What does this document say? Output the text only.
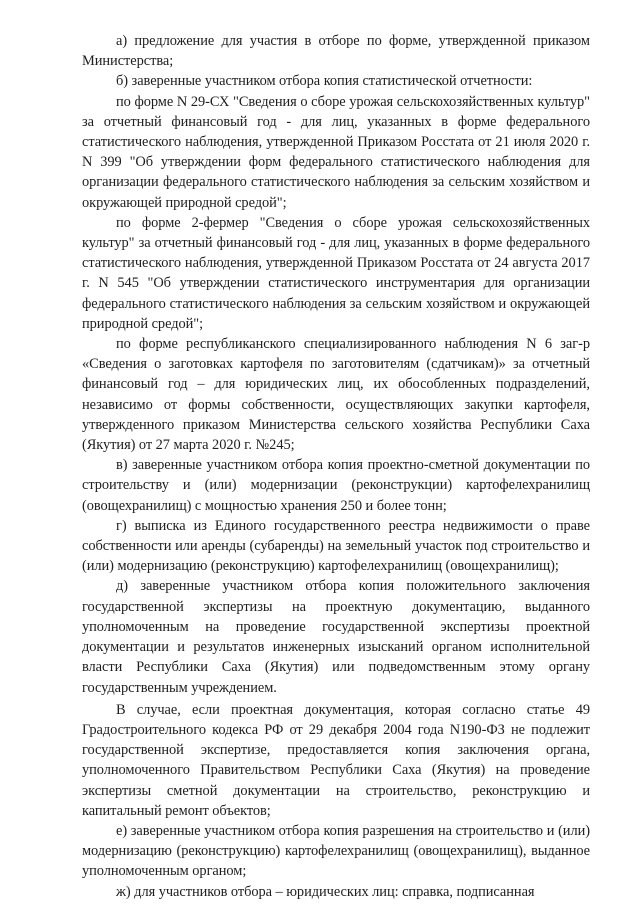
а) предложение для участия в отборе по форме, утвержденной приказом Министерства;

б) заверенные участником отбора копия статистической отчетности:

по форме N 29-СХ "Сведения о сборе урожая сельскохозяйственных культур" за отчетный финансовый год - для лиц, указанных в форме федерального статистического наблюдения, утвержденной Приказом Росстата от 21 июля 2020 г. N 399 "Об утверждении форм федерального статистического наблюдения для организации федерального статистического наблюдения за сельским хозяйством и окружающей природной средой";

по форме 2-фермер "Сведения о сборе урожая сельскохозяйственных культур" за отчетный финансовый год - для лиц, указанных в форме федерального статистического наблюдения, утвержденной Приказом Росстата от 24 августа 2017 г. N 545 "Об утверждении статистического инструментария для организации федерального статистического наблюдения за сельским хозяйством и окружающей природной средой";

по форме республиканского специализированного наблюдения N 6 заг-р «Сведения о заготовках картофеля по заготовителям (сдатчикам)» за отчетный финансовый год – для юридических лиц, их обособленных подразделений, независимо от формы собственности, осуществляющих закупки картофеля, утвержденного приказом Министерства сельского хозяйства Республики Саха (Якутия) от 27 марта 2020 г. №245;

в) заверенные участником отбора копия проектно-сметной документации по строительству и (или) модернизации (реконструкции) картофелехранилищ (овощехранилищ) с мощностью хранения 250 и более тонн;

г) выписка из Единого государственного реестра недвижимости о праве собственности или аренды (субаренды) на земельный участок под строительство и (или) модернизацию (реконструкцию) картофелехранилищ (овощехранилищ);

д) заверенные участником отбора копия положительного заключения государственной экспертизы на проектную документацию, выданного уполномоченным на проведение государственной экспертизы проектной документации и результатов инженерных изысканий органом исполнительной власти Республики Саха (Якутия) или подведомственным этому органу государственным учреждением.

В случае, если проектная документация, которая согласно статье 49 Градостроительного кодекса РФ от 29 декабря 2004 года N190-ФЗ не подлежит государственной экспертизе, предоставляется копия заключения органа, уполномоченного Правительством Республики Саха (Якутия) на проведение экспертизы сметной документации на строительство, реконструкцию и капитальный ремонт объектов;

е) заверенные участником отбора копия разрешения на строительство и (или) модернизацию (реконструкцию) картофелехранилищ (овощехранилищ), выданное уполномоченным органом;

ж) для участников отбора – юридических лиц: справка, подписанная
